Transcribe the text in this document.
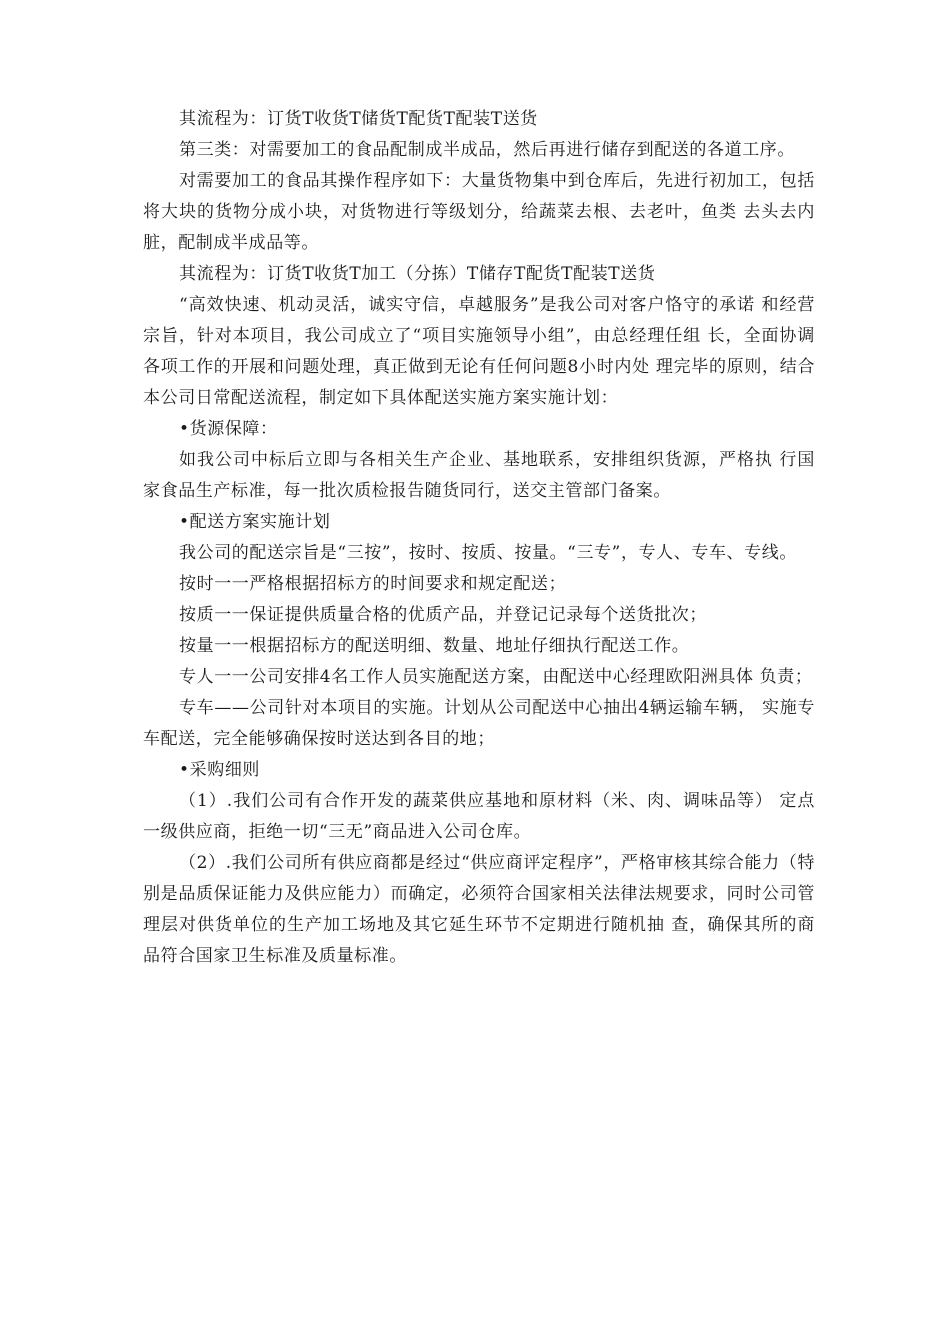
其流程为：订货Τ收货Τ储货Τ配货Τ配装Τ送货

第三类：对需要加工的食品配制成半成品，然后再进行储存到配送的各道工序。

对需要加工的食品其操作程序如下：大量货物集中到仓库后，先进行初加工，包括将大块的货物分成小块，对货物进行等级划分，给蔬菜去根、去老叶，鱼类 去头去内脏，配制成半成品等。

其流程为：订货Τ收货Τ加工（分拣）Τ储存Τ配货Τ配装Τ送货

“高效快速、机动灵活，诚实守信，卓越服务”是我公司对客户恪守的承诺 和经营宗旨，针对本项目，我公司成立了“项目实施领导小组”，由总经理任组 长，全面协调各项工作的开展和问题处理，真正做到无论有任何问题8小时内处 理完毕的原则，结合本公司日常配送流程，制定如下具体配送实施方案实施计划：

•货源保障：

如我公司中标后立即与各相关生产企业、基地联系，安排组织货源，严格执 行国家食品生产标准，每一批次质检报告随货同行，送交主管部门备案。

•配送方案实施计划

我公司的配送宗旨是“三按”，按时、按质、按量。“三专”，专人、专车、专线。

按时一一严格根据招标方的时间要求和规定配送；

按质一一保证提供质量合格的优质产品，并登记记录每个送货批次；

按量一一根据招标方的配送明细、数量、地址仔细执行配送工作。

专人一一公司安排4名工作人员实施配送方案，由配送中心经理欧阳洲具体 负责；

专车——公司针对本项目的实施。计划从公司配送中心抽出4辆运输车辆， 实施专车配送，完全能够确保按时送达到各目的地；

•采购细则

（1）.我们公司有合作开发的蔬菜供应基地和原材料（米、肉、调味品等） 定点一级供应商，拒绝一切“三无”商品进入公司仓库。

（2）.我们公司所有供应商都是经过“供应商评定程序”，严格审核其综合能力（特别是品质保证能力及供应能力）而确定，必须符合国家相关法律法规要求，同时公司管理层对供货单位的生产加工场地及其它延生环节不定期进行随机抽 查，确保其所的商品符合国家卫生标准及质量标准。
